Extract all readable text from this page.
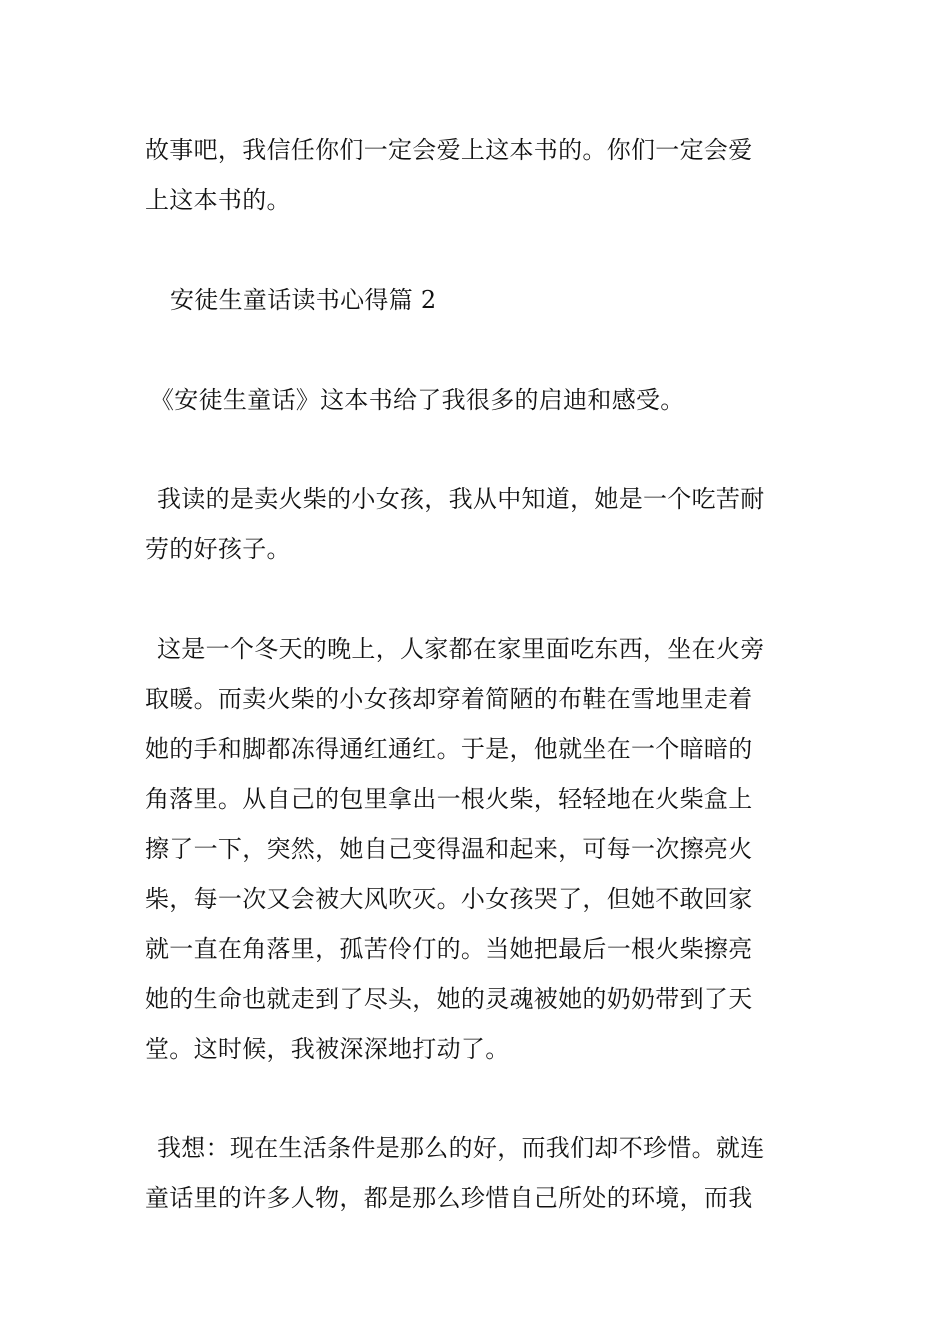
故事吧，我信任你们一定会爱上这本书的。你们一定会爱
上这本书的。
安徒生童话读书心得篇 2
《安徒生童话》这本书给了我很多的启迪和感受。
我读的是卖火柴的小女孩，我从中知道，她是一个吃苦耐
劳的好孩子。
这是一个冬天的晚上，人家都在家里面吃东西，坐在火旁
取暖。而卖火柴的小女孩却穿着简陋的布鞋在雪地里走着
她的手和脚都冻得通红通红。于是，他就坐在一个暗暗的
角落里。从自己的包里拿出一根火柴，轻轻地在火柴盒上
擦了一下，突然，她自己变得温和起来，可每一次擦亮火
柴，每一次又会被大风吹灭。小女孩哭了，但她不敢回家
就一直在角落里，孤苦伶仃的。当她把最后一根火柴擦亮
她的生命也就走到了尽头，她的灵魂被她的奶奶带到了天
堂。这时候，我被深深地打动了。
我想：现在生活条件是那么的好，而我们却不珍惜。就连
童话里的许多人物，都是那么珍惜自己所处的环境，而我
